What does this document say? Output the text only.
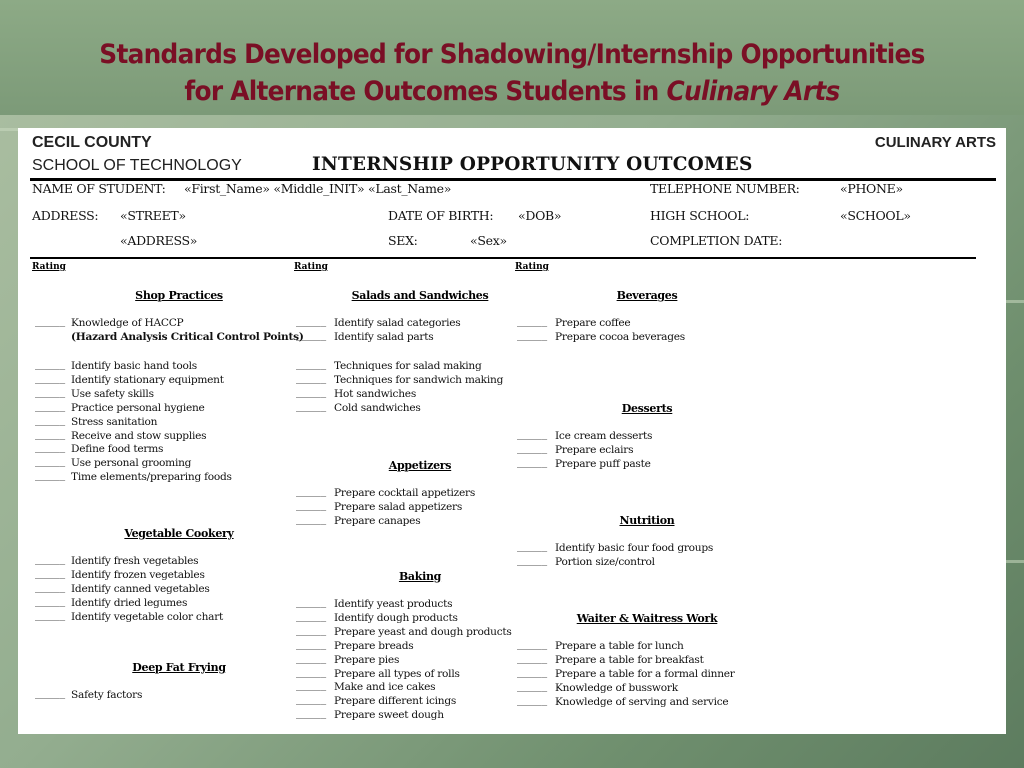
Standards Developed for Shadowing/Internship Opportunities
for Alternate Outcomes Students in Culinary Arts
CECIL COUNTY
SCHOOL OF TECHNOLOGY
CULINARY ARTS
INTERNSHIP OPPORTUNITY OUTCOMES
NAME OF STUDENT: «First_Name» «Middle_INIT» «Last_Name»	TELEPHONE NUMBER:	«PHONE»
ADDRESS: «STREET»	DATE OF BIRTH: «DOB»	HIGH SCHOOL:	«SCHOOL»
«ADDRESS»	SEX:	«Sex»	COMPLETION DATE:
Rating	Rating	Rating
Shop Practices
_____ Knowledge of HACCP
(Hazard Analysis Critical Control Points)
_____ Identify basic hand tools
_____ Identify stationary equipment
_____ Use safety skills
_____ Practice personal hygiene
_____ Stress sanitation
_____ Receive and stow supplies
_____ Define food terms
_____ Use personal grooming
_____ Time elements/preparing foods
Vegetable Cookery
_____ Identify fresh vegetables
_____ Identify frozen vegetables
_____ Identify canned vegetables
_____ Identify dried legumes
_____ Identify vegetable color chart
Deep Fat Frying
_____ Safety factors
Salads and Sandwiches
_____ Identify salad categories
_____ Identify salad parts
_____ Techniques for salad making
_____ Techniques for sandwich making
_____ Hot sandwiches
_____ Cold sandwiches
Appetizers
_____ Prepare cocktail appetizers
_____ Prepare salad appetizers
_____ Prepare canapes
Baking
_____ Identify yeast products
_____ Identify dough products
_____ Prepare yeast and dough products
_____ Prepare breads
_____ Prepare pies
_____ Prepare all types of rolls
_____ Make and ice cakes
_____ Prepare different icings
_____ Prepare sweet dough
Beverages
_____ Prepare coffee
_____ Prepare cocoa beverages
Desserts
_____ Ice cream desserts
_____ Prepare eclairs
_____ Prepare puff paste
Nutrition
_____ Identify basic four food groups
_____ Portion size/control
Waiter & Waitress Work
_____ Prepare a table for lunch
_____ Prepare a table for breakfast
_____ Prepare a table for a formal dinner
_____ Knowledge of busswork
_____ Knowledge of serving and service
